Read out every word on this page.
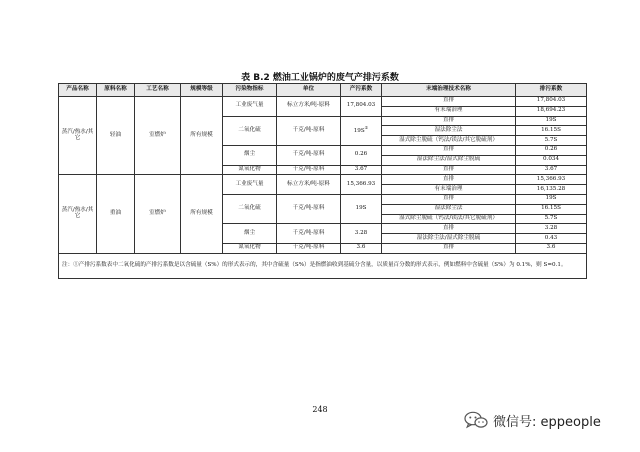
表 B.2 燃油工业锅炉的废气产排污系数
产品名称	原料名称	工艺名称	规模等级	污染物指标	单位	产污系数	末端治理技术名称	排污系数
蒸汽/热水/其它	轻油	室燃炉	所有规模	工业废气量	标立方米/吨-原料	17,804.03	直排	17,804.03
							有末端治理	18,694.23
				二氧化硫	千克/吨-原料	19S①	直排	19S
							湿法除尘法	16.15S
							湿式除尘脱硫（钙法/镁法/其它脱硫剂）	5.7S
				烟尘	千克/吨-原料	0.26	直排	0.26
							湿法除尘法/湿式除尘脱硫	0.034
				氮氧化物	千克/吨-原料	3.67	直排	3.67
蒸汽/热水/其它	重油	室燃炉	所有规模	工业废气量	标立方米/吨-原料	15,366.93	直排	15,366.93
							有末端治理	16,135.28
				二氧化硫	千克/吨-原料	19S	直排	19S
							湿法除尘法	16.15S
							湿式除尘脱硫（钙法/镁法/其它脱硫剂）	5.7S
				烟尘	千克/吨-原料	3.28	直排	3.28
							湿法除尘法/湿式除尘脱硫	0.43
				氮氧化物	千克/吨-原料	3.6	直排	3.6
注：①产排污系数表中二氧化硫的产排污系数是以含硫量（S%）的形式表示的，其中含硫量（S%）是指燃油收到基硫分含量，以质量百分数的形式表示，例如燃料中含硫量（S%）为 0.1%，则 S=0.1。								
248
微信号: eppeople
